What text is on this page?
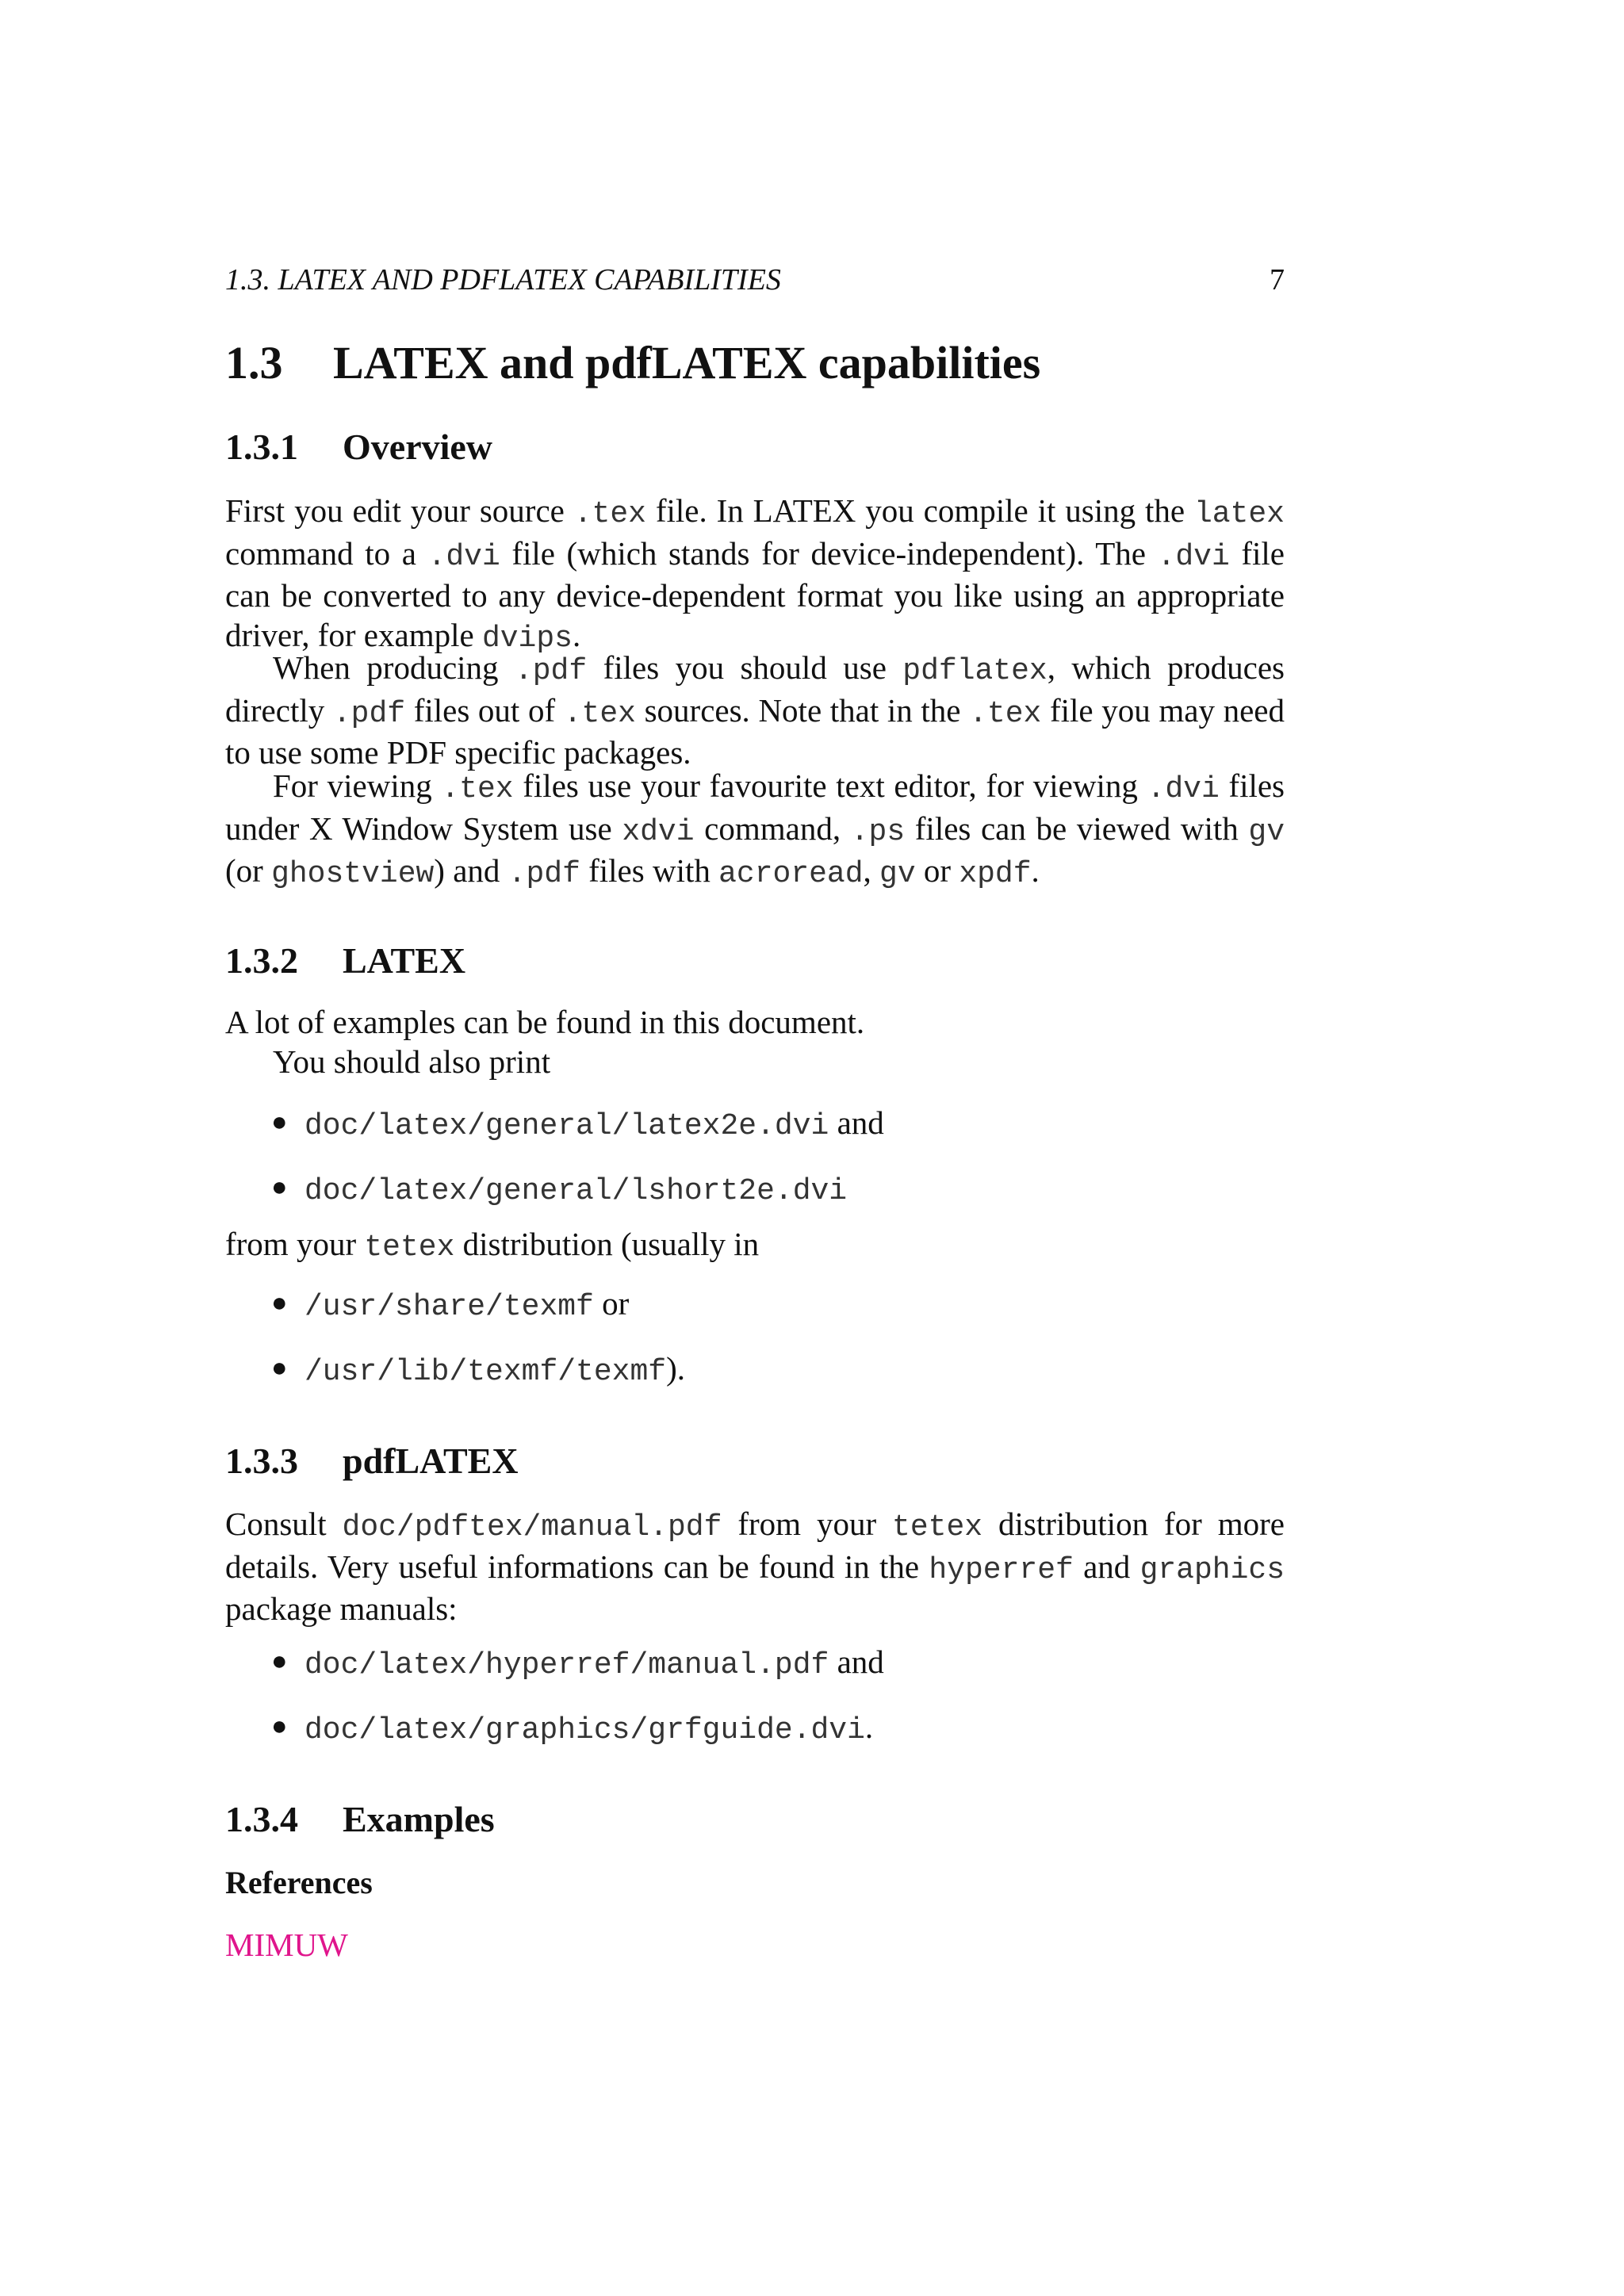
1.3. LATEX AND PDFLATEX CAPABILITIES	7
1.3 LATEX and pdfLATEX capabilities
1.3.1 Overview
First you edit your source .tex file. In LATEX you compile it using the latex command to a .dvi file (which stands for device-independent). The .dvi file can be converted to any device-dependent format you like using an appropriate driver, for example dvips.
When producing .pdf files you should use pdflatex, which produces directly .pdf files out of .tex sources. Note that in the .tex file you may need to use some PDF specific packages.
For viewing .tex files use your favourite text editor, for viewing .dvi files under X Window System use xdvi command, .ps files can be viewed with gv (or ghostview) and .pdf files with acroread, gv or xpdf.
1.3.2 LATEX
A lot of examples can be found in this document.
You should also print
● doc/latex/general/latex2e.dvi and
● doc/latex/general/lshort2e.dvi
from your tetex distribution (usually in
● /usr/share/texmf or
● /usr/lib/texmf/texmf).
1.3.3 pdfLATEX
Consult doc/pdftex/manual.pdf from your tetex distribution for more details. Very useful informations can be found in the hyperref and graphics package manuals:
● doc/latex/hyperref/manual.pdf and
● doc/latex/graphics/grfguide.dvi.
1.3.4 Examples
References
MIMUW
